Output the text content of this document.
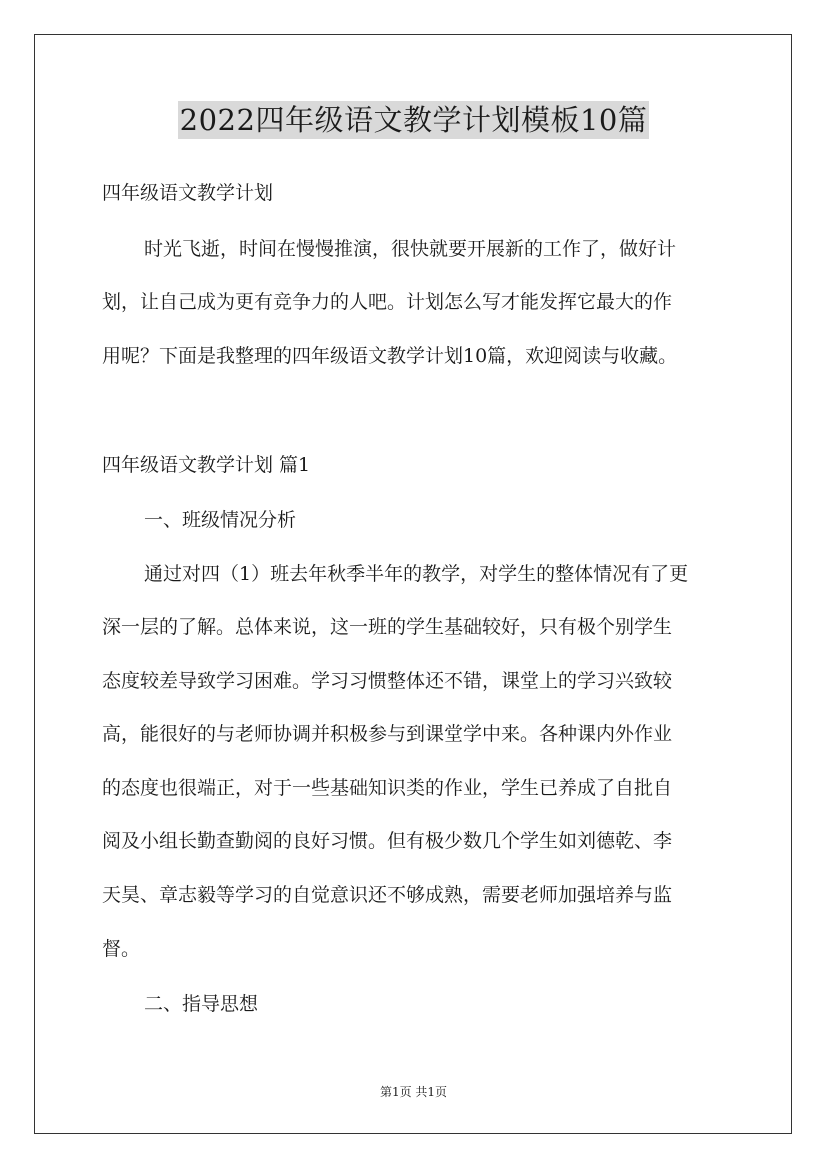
2022四年级语文教学计划模板10篇
四年级语文教学计划
时光飞逝，时间在慢慢推演，很快就要开展新的工作了，做好计
划，让自己成为更有竞争力的人吧。计划怎么写才能发挥它最大的作
用呢？下面是我整理的四年级语文教学计划10篇，欢迎阅读与收藏。
四年级语文教学计划 篇1
一、班级情况分析
通过对四（1）班去年秋季半年的教学，对学生的整体情况有了更
深一层的了解。总体来说，这一班的学生基础较好，只有极个别学生
态度较差导致学习困难。学习习惯整体还不错，课堂上的学习兴致较
高，能很好的与老师协调并积极参与到课堂学中来。各种课内外作业
的态度也很端正，对于一些基础知识类的作业，学生已养成了自批自
阅及小组长勤查勤阅的良好习惯。但有极少数几个学生如刘德乾、李
天昊、章志毅等学习的自觉意识还不够成熟，需要老师加强培养与监
督。
二、指导思想
第1页 共1页
